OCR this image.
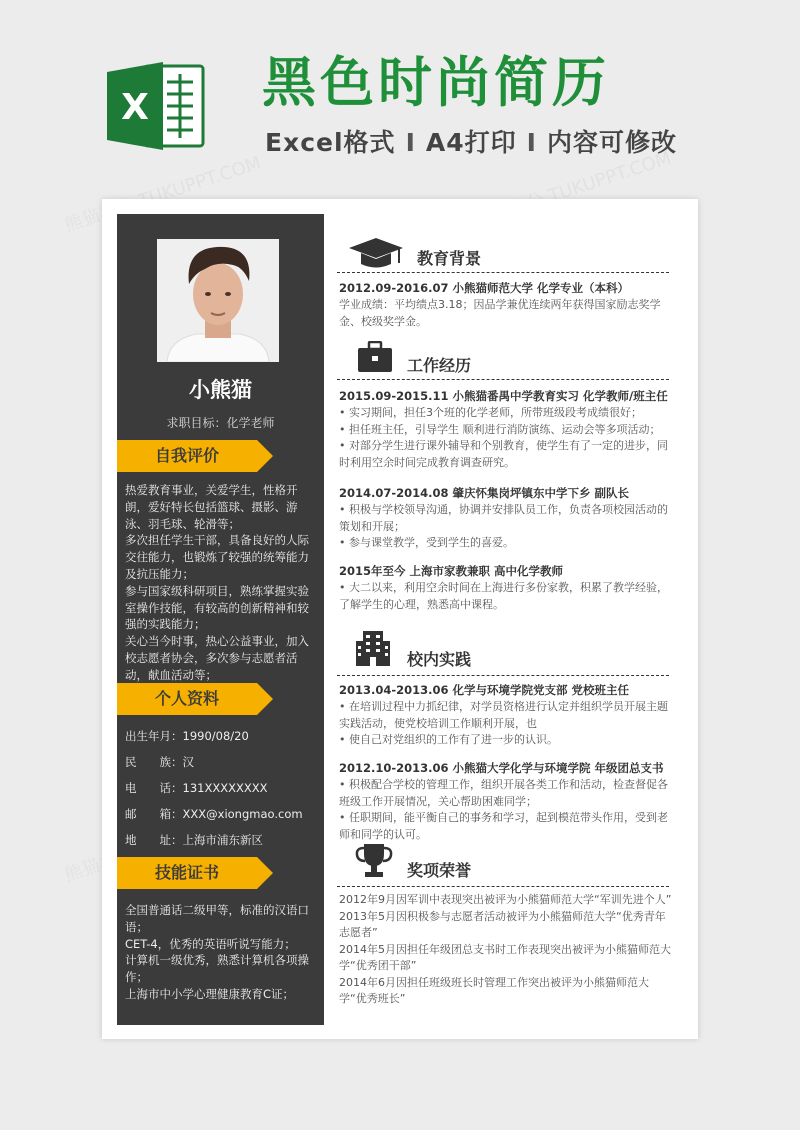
X 黑色时尚简历
Excel格式 I A4打印 I 内容可修改
小熊猫
求职目标：化学老师
自我评价

热爱教育事业，关爱学生，性格开朗，爱好特长包括篮球、摄影、游泳、羽毛球、轮滑等；

多次担任学生干部，具备良好的人际交往能力，也锻炼了较强的统筹能力及抗压能力；

参与国家级科研项目，熟练掌握实验室操作技能，有较高的创新精神和较强的实践能力；

关心当今时事，热心公益事业，加入校志愿者协会，多次参与志愿者活动，献血活动等；

个人资料
出生年月：1990/08/20
民　　族：汉
电　　话：131XXXXXXXX
邮　　箱：XXX@xiongmao.com
地　　址：上海市浦东新区
技能证书

全国普通话二级甲等，标准的汉语口语；

CET-4，优秀的英语听说写能力；

计算机一级优秀，熟悉计算机各项操作；

上海市中小学心理健康教育C证；

教育背景
2012.09-2016.07 小熊猫师范大学 化学专业（本科）
学业成绩：平均绩点3.18；因品学兼优连续两年获得国家励志奖学金、校级奖学金。
工作经历
2015.09-2015.11 小熊猫番禺中学教育实习 化学教师/班主任

• 实习期间，担任3个班的化学老师，所带班级段考成绩很好；

• 担任班主任，引导学生 顺利进行消防演练、运动会等多项活动；

• 对部分学生进行课外辅导和个别教育，使学生有了一定的进步，同时利用空余时间完成教育调查研究。

2014.07-2014.08 肇庆怀集岗坪镇东中学下乡 副队长

• 积极与学校领导沟通，协调并安排队员工作，负责各项校园活动的策划和开展；

• 参与课堂教学，受到学生的喜爱。

2015年至今 上海市家教兼职 高中化学教师

• 大二以来，利用空余时间在上海进行多份家教，积累了教学经验，了解学生的心理，熟悉高中课程。

校内实践
2013.04-2013.06 化学与环境学院党支部 党校班主任

• 在培训过程中力抓纪律，对学员资格进行认定并组织学员开展主题实践活动，使党校培训工作顺利开展，也

• 使自己对党组织的工作有了进一步的认识。

2012.10-2013.06 小熊猫大学化学与环境学院 年级团总支书

• 积极配合学校的管理工作，组织开展各类工作和活动，检查督促各班级工作开展情况，关心帮助困难同学；

• 任职期间，能平衡自己的事务和学习，起到模范带头作用，受到老师和同学的认可。

奖项荣誉

2012年9月因军训中表现突出被评为小熊猫师范大学“军训先进个人”

2013年5月因积极参与志愿者活动被评为小熊猫师范大学“优秀青年志愿者”

2014年5月因担任年级团总支书时工作表现突出被评为小熊猫师范大学“优秀团干部”

2014年6月因担任班级班长时管理工作突出被评为小熊猫师范大学“优秀班长”
